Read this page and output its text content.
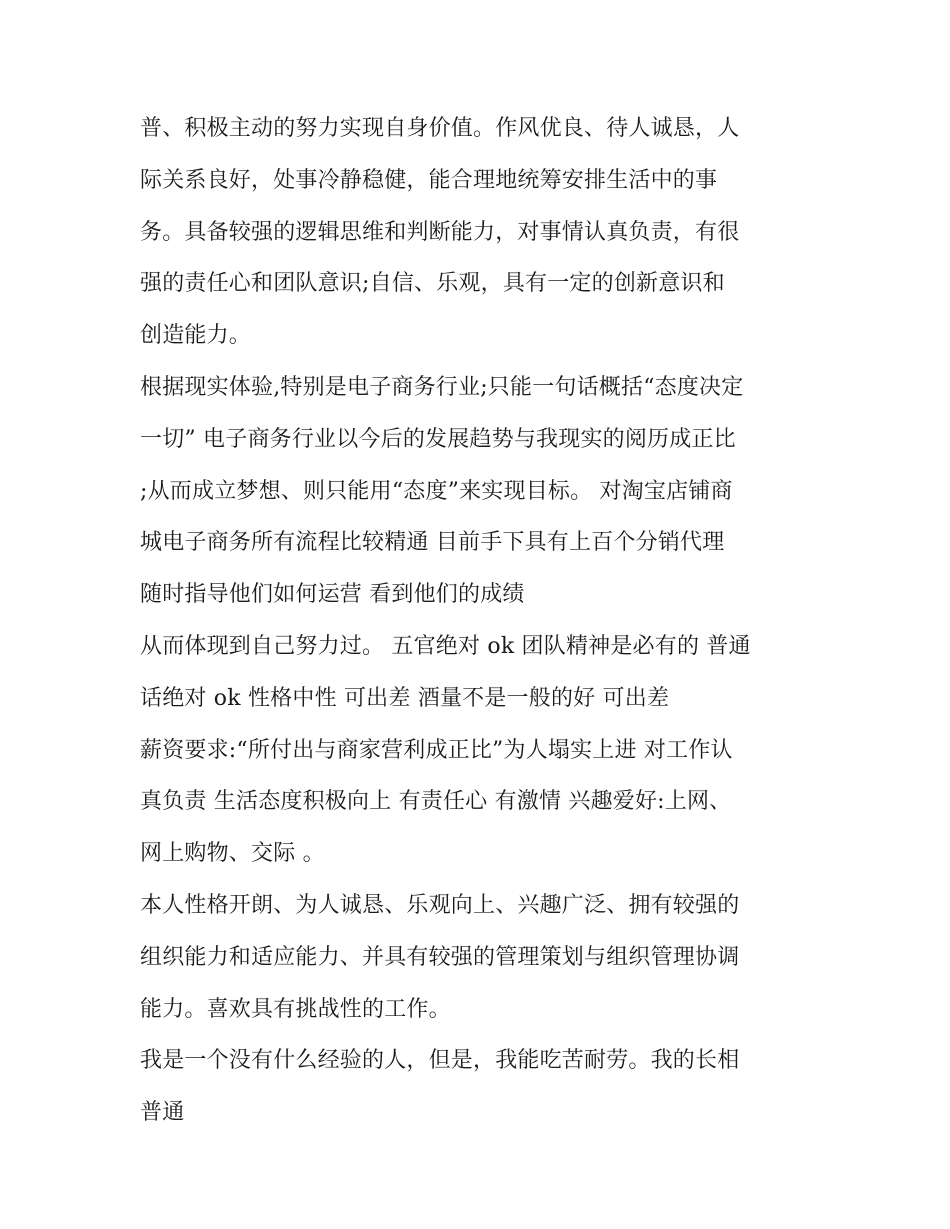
普、积极主动的努力实现自身价值。作风优良、待人诚恳，人
际关系良好，处事冷静稳健，能合理地统筹安排生活中的事
务。具备较强的逻辑思维和判断能力，对事情认真负责，有很
强的责任心和团队意识;自信、乐观，具有一定的创新意识和
创造能力。
根据现实体验,特别是电子商务行业;只能一句话概括“态度决定
一切” 电子商务行业以今后的发展趋势与我现实的阅历成正比
;从而成立梦想、则只能用“态度”来实现目标。 对淘宝店铺商
城电子商务所有流程比较精通 目前手下具有上百个分销代理
随时指导他们如何运营 看到他们的成绩
从而体现到自己努力过。 五官绝对 ok 团队精神是必有的 普通
话绝对 ok 性格中性 可出差 酒量不是一般的好 可出差
薪资要求:“所付出与商家营利成正比”为人塌实上进 对工作认
真负责 生活态度积极向上 有责任心 有激情 兴趣爱好:上网、
网上购物、交际 。
本人性格开朗、为人诚恳、乐观向上、兴趣广泛、拥有较强的
组织能力和适应能力、并具有较强的管理策划与组织管理协调
能力。喜欢具有挑战性的工作。
我是一个没有什么经验的人，但是，我能吃苦耐劳。我的长相
普通
